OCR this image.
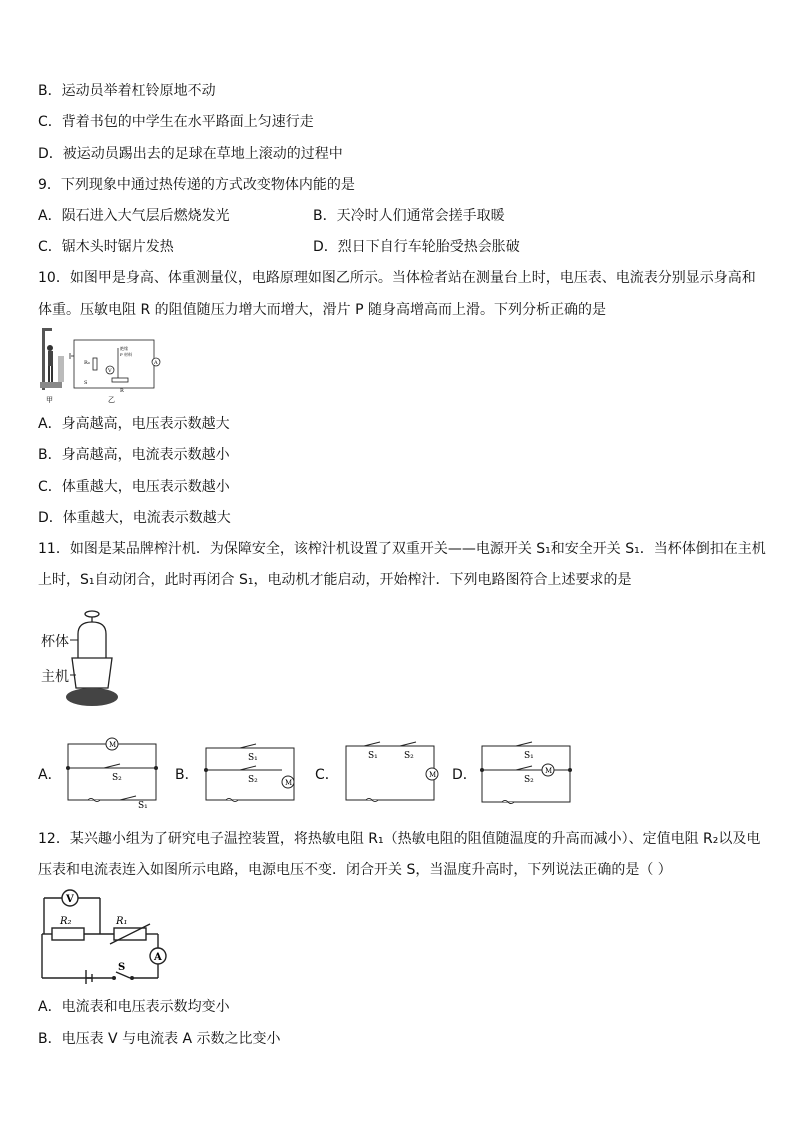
B．运动员举着杠铃原地不动
C．背着书包的中学生在水平路面上匀速行走
D．被运动员踢出去的足球在草地上滚动的过程中
9．下列现象中通过热传递的方式改变物体内能的是
A．陨石进入大气层后燃烧发光	B．天冷时人们通常会搓手取暖
C．锯木头时锯片发热	D．烈日下自行车轮胎受热会胀破
10．如图甲是身高、体重测量仪，电路原理如图乙所示。当体检者站在测量台上时，电压表、电流表分别显示身高和
体重。压敏电阻 R 的阻值随压力增大而增大，滑片 P 随身高增高而上滑。下列分析正确的是
甲
A
V
R₀
R
绝缘
P 材料
S
乙
A．身高越高，电压表示数越大
B．身高越高，电流表示数越小
C．体重越大，电压表示数越小
D．体重越大，电流表示数越大
11．如图是某品牌榨汁机．为保障安全，该榨汁机设置了双重开关——电源开关 S₁和安全开关 S₁．当杯体倒扣在主机
上时，S₁自动闭合，此时再闭合 S₁，电动机才能启动，开始榨汁．下列电路图符合上述要求的是
杯体
主机
A．	B．	C．	D．
M
S₂
S₁
M
S₁
S₂	M
S₁	S₂
M
S₁
S₂
12．某兴趣小组为了研究电子温控装置，将热敏电阻 R₁（热敏电阻的阻值随温度的升高而减小）、定值电阻 R₂以及电
压表和电流表连入如图所示电路，电源电压不变．闭合开关 S，当温度升高时，下列说法正确的是（ ）
V
A
R₂	R₁
S
A．电流表和电压表示数均变小
B．电压表 V 与电流表 A 示数之比变小
